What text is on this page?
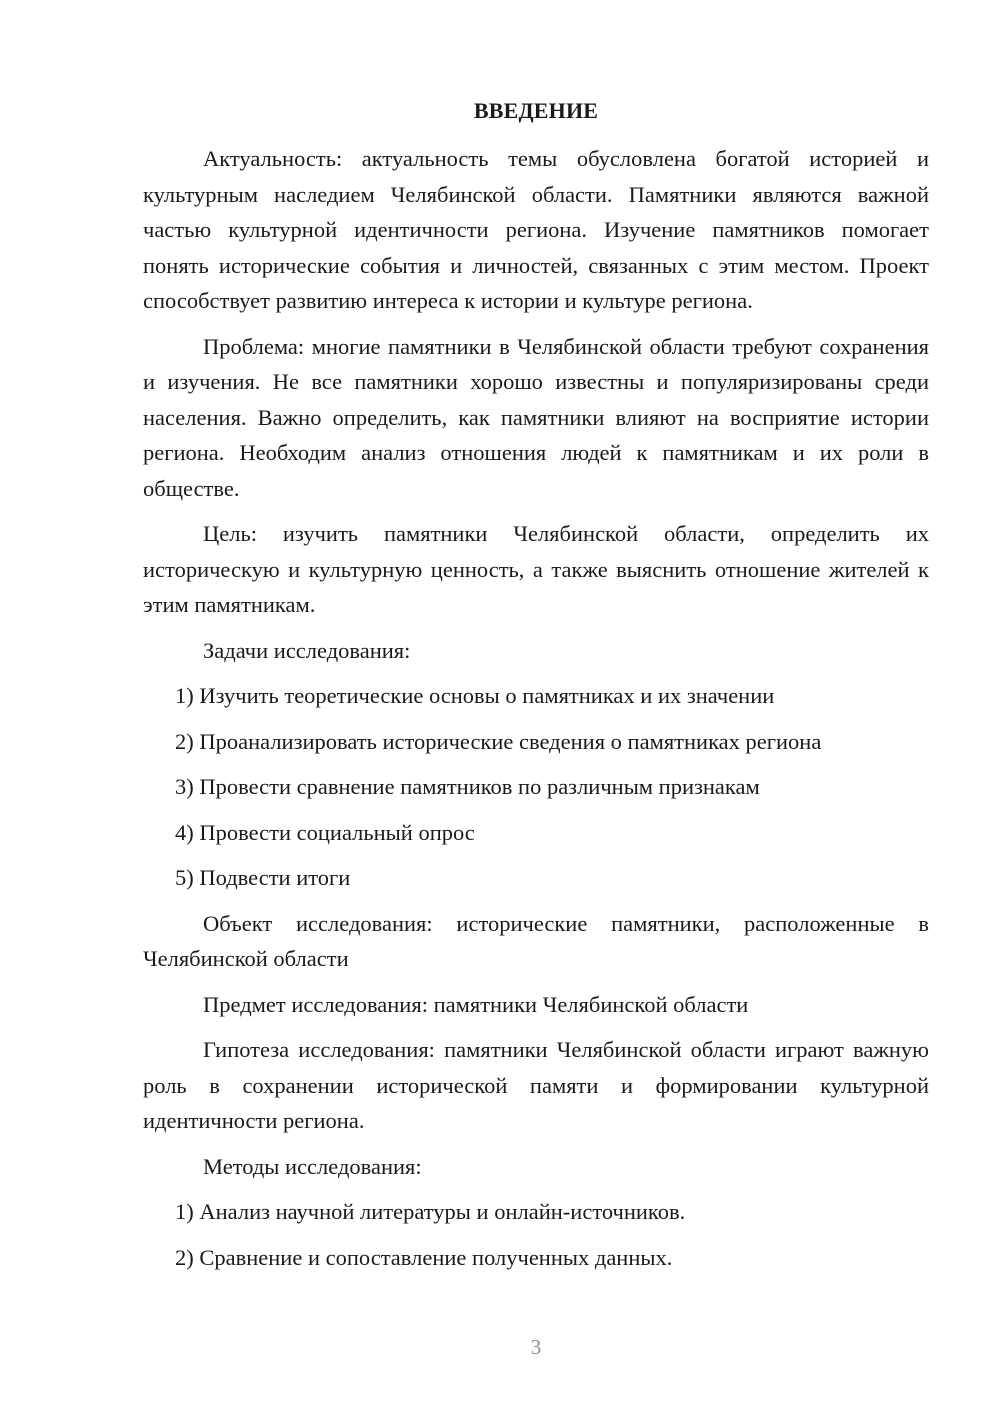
ВВЕДЕНИЕ

Актуальность: актуальность темы обусловлена богатой историей и культурным наследием Челябинской области. Памятники являются важной частью культурной идентичности региона. Изучение памятников помогает понять исторические события и личностей, связанных с этим местом. Проект способствует развитию интереса к истории и культуре региона.

Проблема: многие памятники в Челябинской области требуют сохранения и изучения. Не все памятники хорошо известны и популяризированы среди населения. Важно определить, как памятники влияют на восприятие истории региона. Необходим анализ отношения людей к памятникам и их роли в обществе.

Цель: изучить памятники Челябинской области, определить их историческую и культурную ценность, а также выяснить отношение жителей к этим памятникам.

Задачи исследования:

1) Изучить теоретические основы о памятниках и их значении
2) Проанализировать исторические сведения о памятниках региона
3) Провести сравнение памятников по различным признакам
4) Провести социальный опрос
5) Подвести итоги

Объект исследования: исторические памятники, расположенные в Челябинской области

Предмет исследования: памятники Челябинской области

Гипотеза исследования: памятники Челябинской области играют важную роль в сохранении исторической памяти и формировании культурной идентичности региона.

Методы исследования:

1) Анализ научной литературы и онлайн-источников.
2) Сравнение и сопоставление полученных данных.
3
